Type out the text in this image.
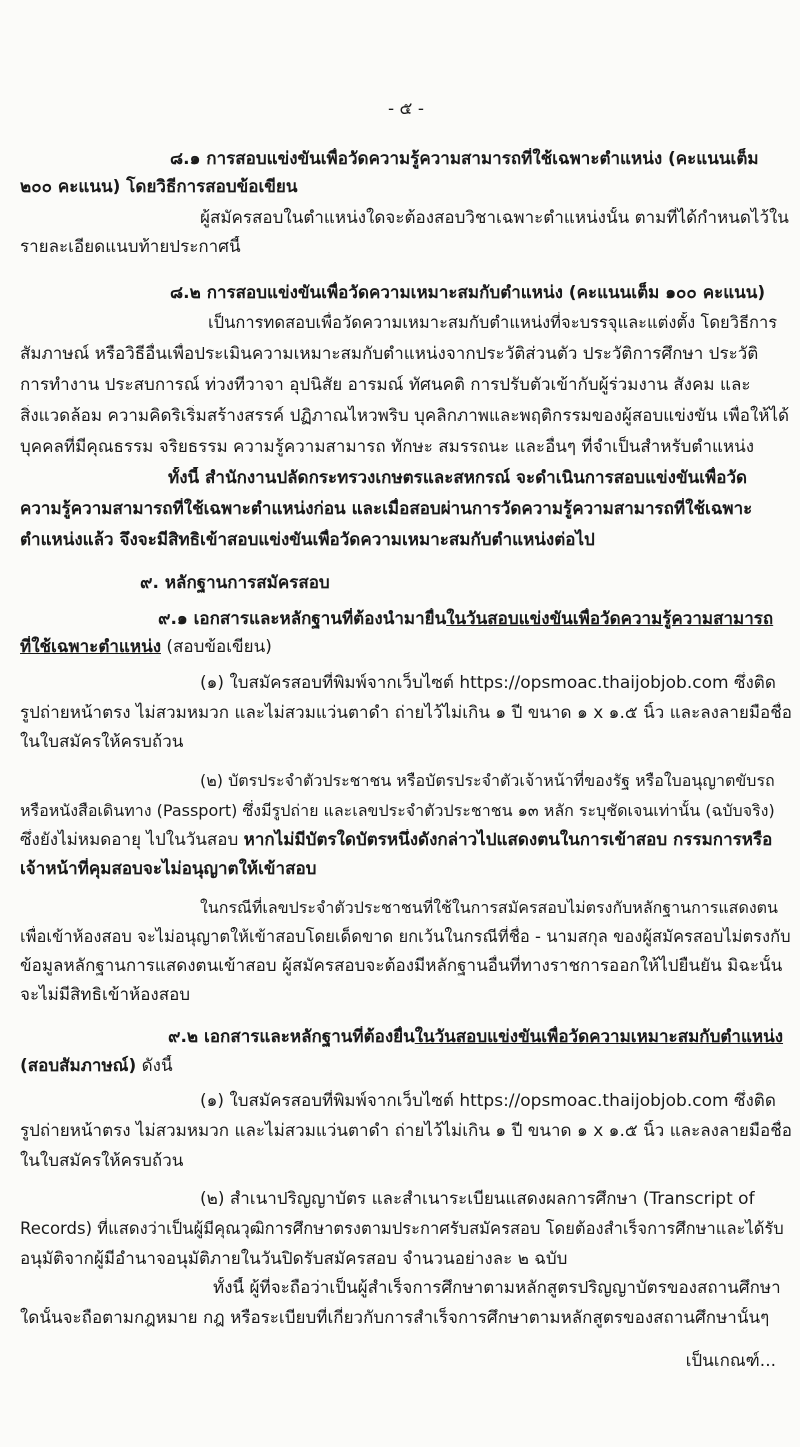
- ๕ -
๘.๑ การสอบแข่งขันเพื่อวัดความรู้ความสามารถที่ใช้เฉพาะตำแหน่ง (คะแนนเต็ม
๒๐๐ คะแนน) โดยวิธีการสอบข้อเขียน
ผู้สมัครสอบในตำแหน่งใดจะต้องสอบวิชาเฉพาะตำแหน่งนั้น ตามที่ได้กำหนดไว้ใน
รายละเอียดแนบท้ายประกาศนี้
๘.๒ การสอบแข่งขันเพื่อวัดความเหมาะสมกับตำแหน่ง (คะแนนเต็ม ๑๐๐ คะแนน)
เป็นการทดสอบเพื่อวัดความเหมาะสมกับตำแหน่งที่จะบรรจุและแต่งตั้ง โดยวิธีการ
สัมภาษณ์ หรือวิธีอื่นเพื่อประเมินความเหมาะสมกับตำแหน่งจากประวัติส่วนตัว ประวัติการศึกษา ประวัติ
การทำงาน ประสบการณ์ ท่วงทีวาจา อุปนิสัย อารมณ์ ทัศนคติ การปรับตัวเข้ากับผู้ร่วมงาน สังคม และ
สิ่งแวดล้อม ความคิดริเริ่มสร้างสรรค์ ปฏิภาณไหวพริบ บุคลิกภาพและพฤติกรรมของผู้สอบแข่งขัน เพื่อให้ได้
บุคคลที่มีคุณธรรม จริยธรรม ความรู้ความสามารถ ทักษะ สมรรถนะ และอื่นๆ ที่จำเป็นสำหรับตำแหน่ง
ทั้งนี้ สำนักงานปลัดกระทรวงเกษตรและสหกรณ์ จะดำเนินการสอบแข่งขันเพื่อวัด
ความรู้ความสามารถที่ใช้เฉพาะตำแหน่งก่อน และเมื่อสอบผ่านการวัดความรู้ความสามารถที่ใช้เฉพาะ
ตำแหน่งแล้ว จึงจะมีสิทธิเข้าสอบแข่งขันเพื่อวัดความเหมาะสมกับตำแหน่งต่อไป
๙. หลักฐานการสมัครสอบ
๙.๑ เอกสารและหลักฐานที่ต้องนำมายื่นในวันสอบแข่งขันเพื่อวัดความรู้ความสามารถ
ที่ใช้เฉพาะตำแหน่ง (สอบข้อเขียน)
(๑) ใบสมัครสอบที่พิมพ์จากเว็บไซต์ https://opsmoac.thaijobjob.com ซึ่งติด
รูปถ่ายหน้าตรง ไม่สวมหมวก และไม่สวมแว่นตาดำ ถ่ายไว้ไม่เกิน ๑ ปี ขนาด ๑ x ๑.๕ นิ้ว และลงลายมือชื่อ
ในใบสมัครให้ครบถ้วน
(๒) บัตรประจำตัวประชาชน หรือบัตรประจำตัวเจ้าหน้าที่ของรัฐ หรือใบอนุญาตขับรถ
หรือหนังสือเดินทาง (Passport) ซึ่งมีรูปถ่าย และเลขประจำตัวประชาชน ๑๓ หลัก ระบุชัดเจนเท่านั้น (ฉบับจริง)
ซึ่งยังไม่หมดอายุ ไปในวันสอบ หากไม่มีบัตรใดบัตรหนึ่งดังกล่าวไปแสดงตนในการเข้าสอบ กรรมการหรือ
เจ้าหน้าที่คุมสอบจะไม่อนุญาตให้เข้าสอบ
ในกรณีที่เลขประจำตัวประชาชนที่ใช้ในการสมัครสอบไม่ตรงกับหลักฐานการแสดงตน
เพื่อเข้าห้องสอบ จะไม่อนุญาตให้เข้าสอบโดยเด็ดขาด ยกเว้นในกรณีที่ชื่อ - นามสกุล ของผู้สมัครสอบไม่ตรงกับ
ข้อมูลหลักฐานการแสดงตนเข้าสอบ ผู้สมัครสอบจะต้องมีหลักฐานอื่นที่ทางราชการออกให้ไปยืนยัน มิฉะนั้น
จะไม่มีสิทธิเข้าห้องสอบ
๙.๒ เอกสารและหลักฐานที่ต้องยื่นในวันสอบแข่งขันเพื่อวัดความเหมาะสมกับตำแหน่ง
(สอบสัมภาษณ์) ดังนี้
(๑) ใบสมัครสอบที่พิมพ์จากเว็บไซต์ https://opsmoac.thaijobjob.com ซึ่งติด
รูปถ่ายหน้าตรง ไม่สวมหมวก และไม่สวมแว่นตาดำ ถ่ายไว้ไม่เกิน ๑ ปี ขนาด ๑ x ๑.๕ นิ้ว และลงลายมือชื่อ
ในใบสมัครให้ครบถ้วน
(๒) สำเนาปริญญาบัตร และสำเนาระเบียนแสดงผลการศึกษา (Transcript of
Records) ที่แสดงว่าเป็นผู้มีคุณวุฒิการศึกษาตรงตามประกาศรับสมัครสอบ โดยต้องสำเร็จการศึกษาและได้รับ
อนุมัติจากผู้มีอำนาจอนุมัติภายในวันปิดรับสมัครสอบ จำนวนอย่างละ ๒ ฉบับ
ทั้งนี้ ผู้ที่จะถือว่าเป็นผู้สำเร็จการศึกษาตามหลักสูตรปริญญาบัตรของสถานศึกษา
ใดนั้นจะถือตามกฎหมาย กฎ หรือระเบียบที่เกี่ยวกับการสำเร็จการศึกษาตามหลักสูตรของสถานศึกษานั้นๆ
เป็นเกณฑ์...
